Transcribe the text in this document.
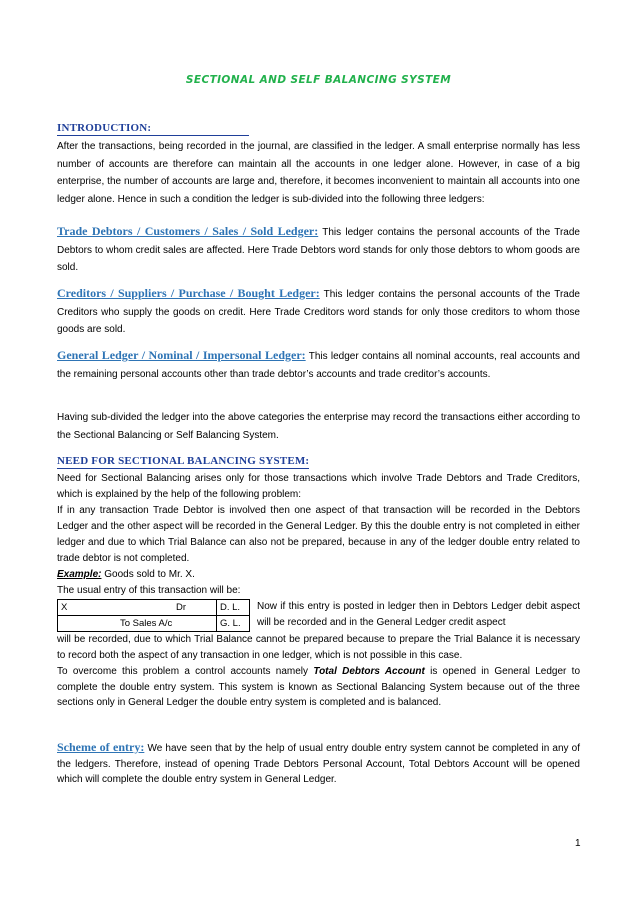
SECTIONAL AND SELF BALANCING SYSTEM
INTRODUCTION:

After the transactions, being recorded in the journal, are classified in the ledger. A small enterprise normally has less number of accounts are therefore can maintain all the accounts in one ledger alone. However, in case of a big enterprise, the number of accounts are large and, therefore, it becomes inconvenient to maintain all accounts into one ledger alone. Hence in such a condition the ledger is sub-divided into the following three ledgers:

Trade Debtors / Customers / Sales / Sold Ledger: This ledger contains the personal accounts of the Trade Debtors to whom credit sales are affected. Here Trade Debtors word stands for only those debtors to whom goods are sold.

Creditors / Suppliers / Purchase / Bought Ledger: This ledger contains the personal accounts of the Trade Creditors who supply the goods on credit. Here Trade Creditors word stands for only those creditors to whom those goods are sold.

General Ledger / Nominal / Impersonal Ledger: This ledger contains all nominal accounts, real accounts and the remaining personal accounts other than trade debtor’s accounts and trade creditor’s accounts.

Having sub-divided the ledger into the above categories the enterprise may record the transactions either according to the Sectional Balancing or Self Balancing System.

NEED FOR SECTIONAL BALANCING SYSTEM:

Need for Sectional Balancing arises only for those transactions which involve Trade Debtors and Trade Creditors, which is explained by the help of the following problem:

If in any transaction Trade Debtor is involved then one aspect of that transaction will be recorded in the Debtors Ledger and the other aspect will be recorded in the General Ledger. By this the double entry is not completed in either ledger and due to which Trial Balance can also not be prepared, because in any of the ledger double entry related to trade debtor is not completed.

Example: Goods sold to Mr. X.

The usual entry of this transaction will be:

X Dr	D. L.
To Sales A/c	G. L.

Now if this entry is posted in ledger then in Debtors Ledger debit aspect will be recorded and in the General Ledger credit aspect

will be recorded, due to which Trial Balance cannot be prepared because to prepare the Trial Balance it is necessary to record both the aspect of any transaction in one ledger, which is not possible in this case.

To overcome this problem a control accounts namely Total Debtors Account is opened in General Ledger to complete the double entry system. This system is known as Sectional Balancing System because out of the three sections only in General Ledger the double entry system is completed and is balanced.

Scheme of entry: We have seen that by the help of usual entry double entry system cannot be completed in any of the ledgers. Therefore, instead of opening Trade Debtors Personal Account, Total Debtors Account will be opened which will complete the double entry system in General Ledger.

1
